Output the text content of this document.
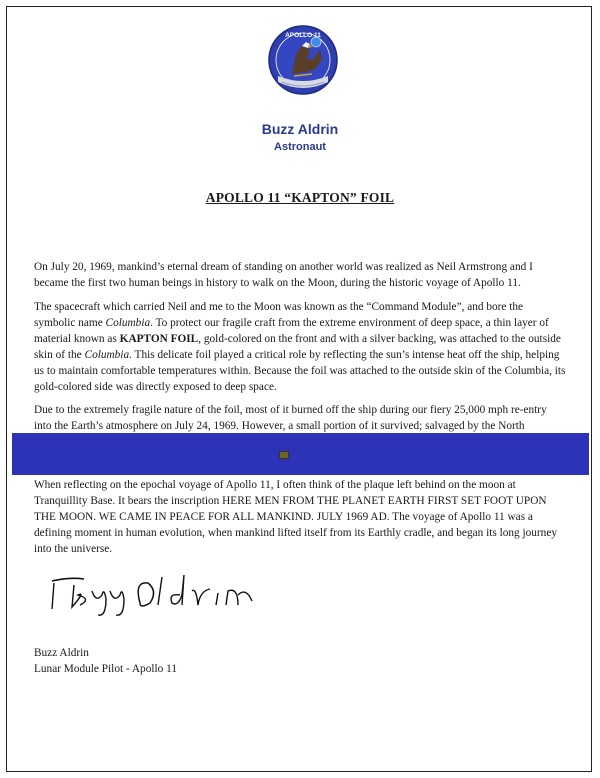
APOLLO 11
Buzz Aldrin
Astronaut
APOLLO 11 “KAPTON” FOIL

On July 20, 1969, mankind’s eternal dream of standing on another world was realized as Neil Armstrong and I became the first two human beings in history to walk on the Moon, during the historic voyage of Apollo 11.

The spacecraft which carried Neil and me to the Moon was known as the “Command Module”, and bore the symbolic name Columbia. To protect our fragile craft from the extreme environment of deep space, a thin layer of material known as KAPTON FOIL, gold-colored on the front and with a silver backing, was attached to the outside skin of the Columbia. This delicate foil played a critical role by reflecting the sun’s intense heat off the ship, helping us to maintain comfortable temperatures within. Because the foil was attached to the outside skin of the Columbia, its gold-colored side was directly exposed to deep space.

Due to the extremely fragile nature of the foil, most of it burned off the ship during our fiery 25,000 mph re-entry into the Earth’s atmosphere on July 24, 1969. However, a small portion of it survived; salvaged by the North

When reflecting on the epochal voyage of Apollo 11, I often think of the plaque left behind on the moon at Tranquillity Base. It bears the inscription HERE MEN FROM THE PLANET EARTH FIRST SET FOOT UPON THE MOON. WE CAME IN PEACE FOR ALL MANKIND. JULY 1969 AD. The voyage of Apollo 11 was a defining moment in human evolution, when mankind lifted itself from its Earthly cradle, and began its long journey into the universe.

Buzz Aldrin
Lunar Module Pilot - Apollo 11
